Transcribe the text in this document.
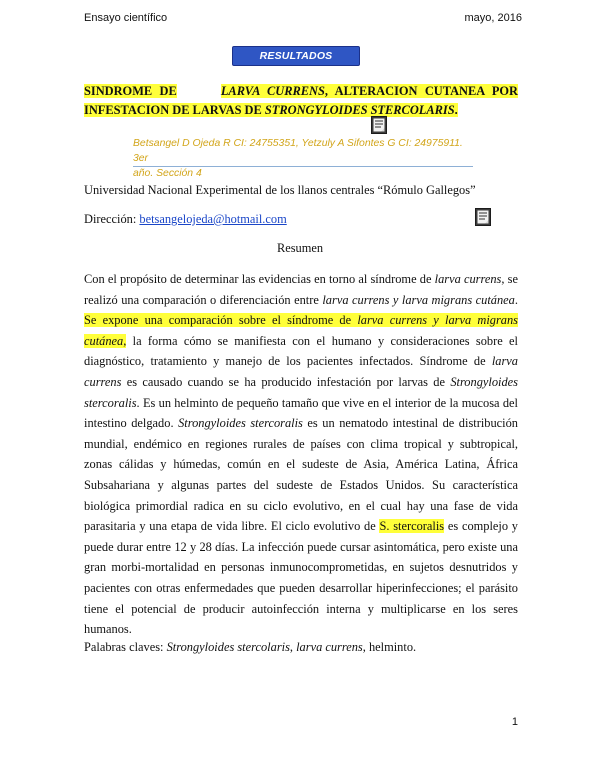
Ensayo científico	mayo, 2016
RESULTADOS PRELIMINARES
SINDROME DE	LARVA CURRENS, ALTERACION CUTANEA POR
INFESTACION DE LARVAS DE STRONGYLOIDES STERCOLARIS.
Betsangel D Ojeda R CI: 24755351, Yetzuly A Sifontes G CI: 24975911. 3er
año. Sección 4
Universidad Nacional Experimental de los llanos centrales “Rómulo Gallegos”
Dirección: betsangelojeda@hotmail.com
Resumen

Con el propósito de determinar las evidencias en torno al síndrome de larva currens, se realizó una comparación o diferenciación entre larva currens y larva migrans cutánea. Se expone una comparación sobre el síndrome de larva currens y larva migrans cutánea, la forma cómo se manifiesta con el humano y consideraciones sobre el diagnóstico, tratamiento y manejo de los pacientes infectados. Síndrome de larva currens es causado cuando se ha producido infestación por larvas de Strongyloides stercoralis. Es un helminto de pequeño tamaño que vive en el interior de la mucosa del intestino delgado. Strongyloides stercoralis es un nematodo intestinal de distribución mundial, endémico en regiones rurales de países con clima tropical y subtropical, zonas cálidas y húmedas, común en el sudeste de Asia, América Latina, África Subsahariana y algunas partes del sudeste de Estados Unidos. Su característica biológica primordial radica en su ciclo evolutivo, en el cual hay una fase de vida parasitaria y una etapa de vida libre. El ciclo evolutivo de S. stercoralis es complejo y puede durar entre 12 y 28 días. La infección puede cursar asintomática, pero existe una gran morbi-mortalidad en personas inmunocomprometidas, en sujetos desnutridos y pacientes con otras enfermedades que pueden desarrollar hiperinfecciones; el parásito tiene el potencial de producir autoinfección interna y multiplicarse en los seres humanos.

Palabras claves: Strongyloides stercolaris, larva currens, helminto.
1
